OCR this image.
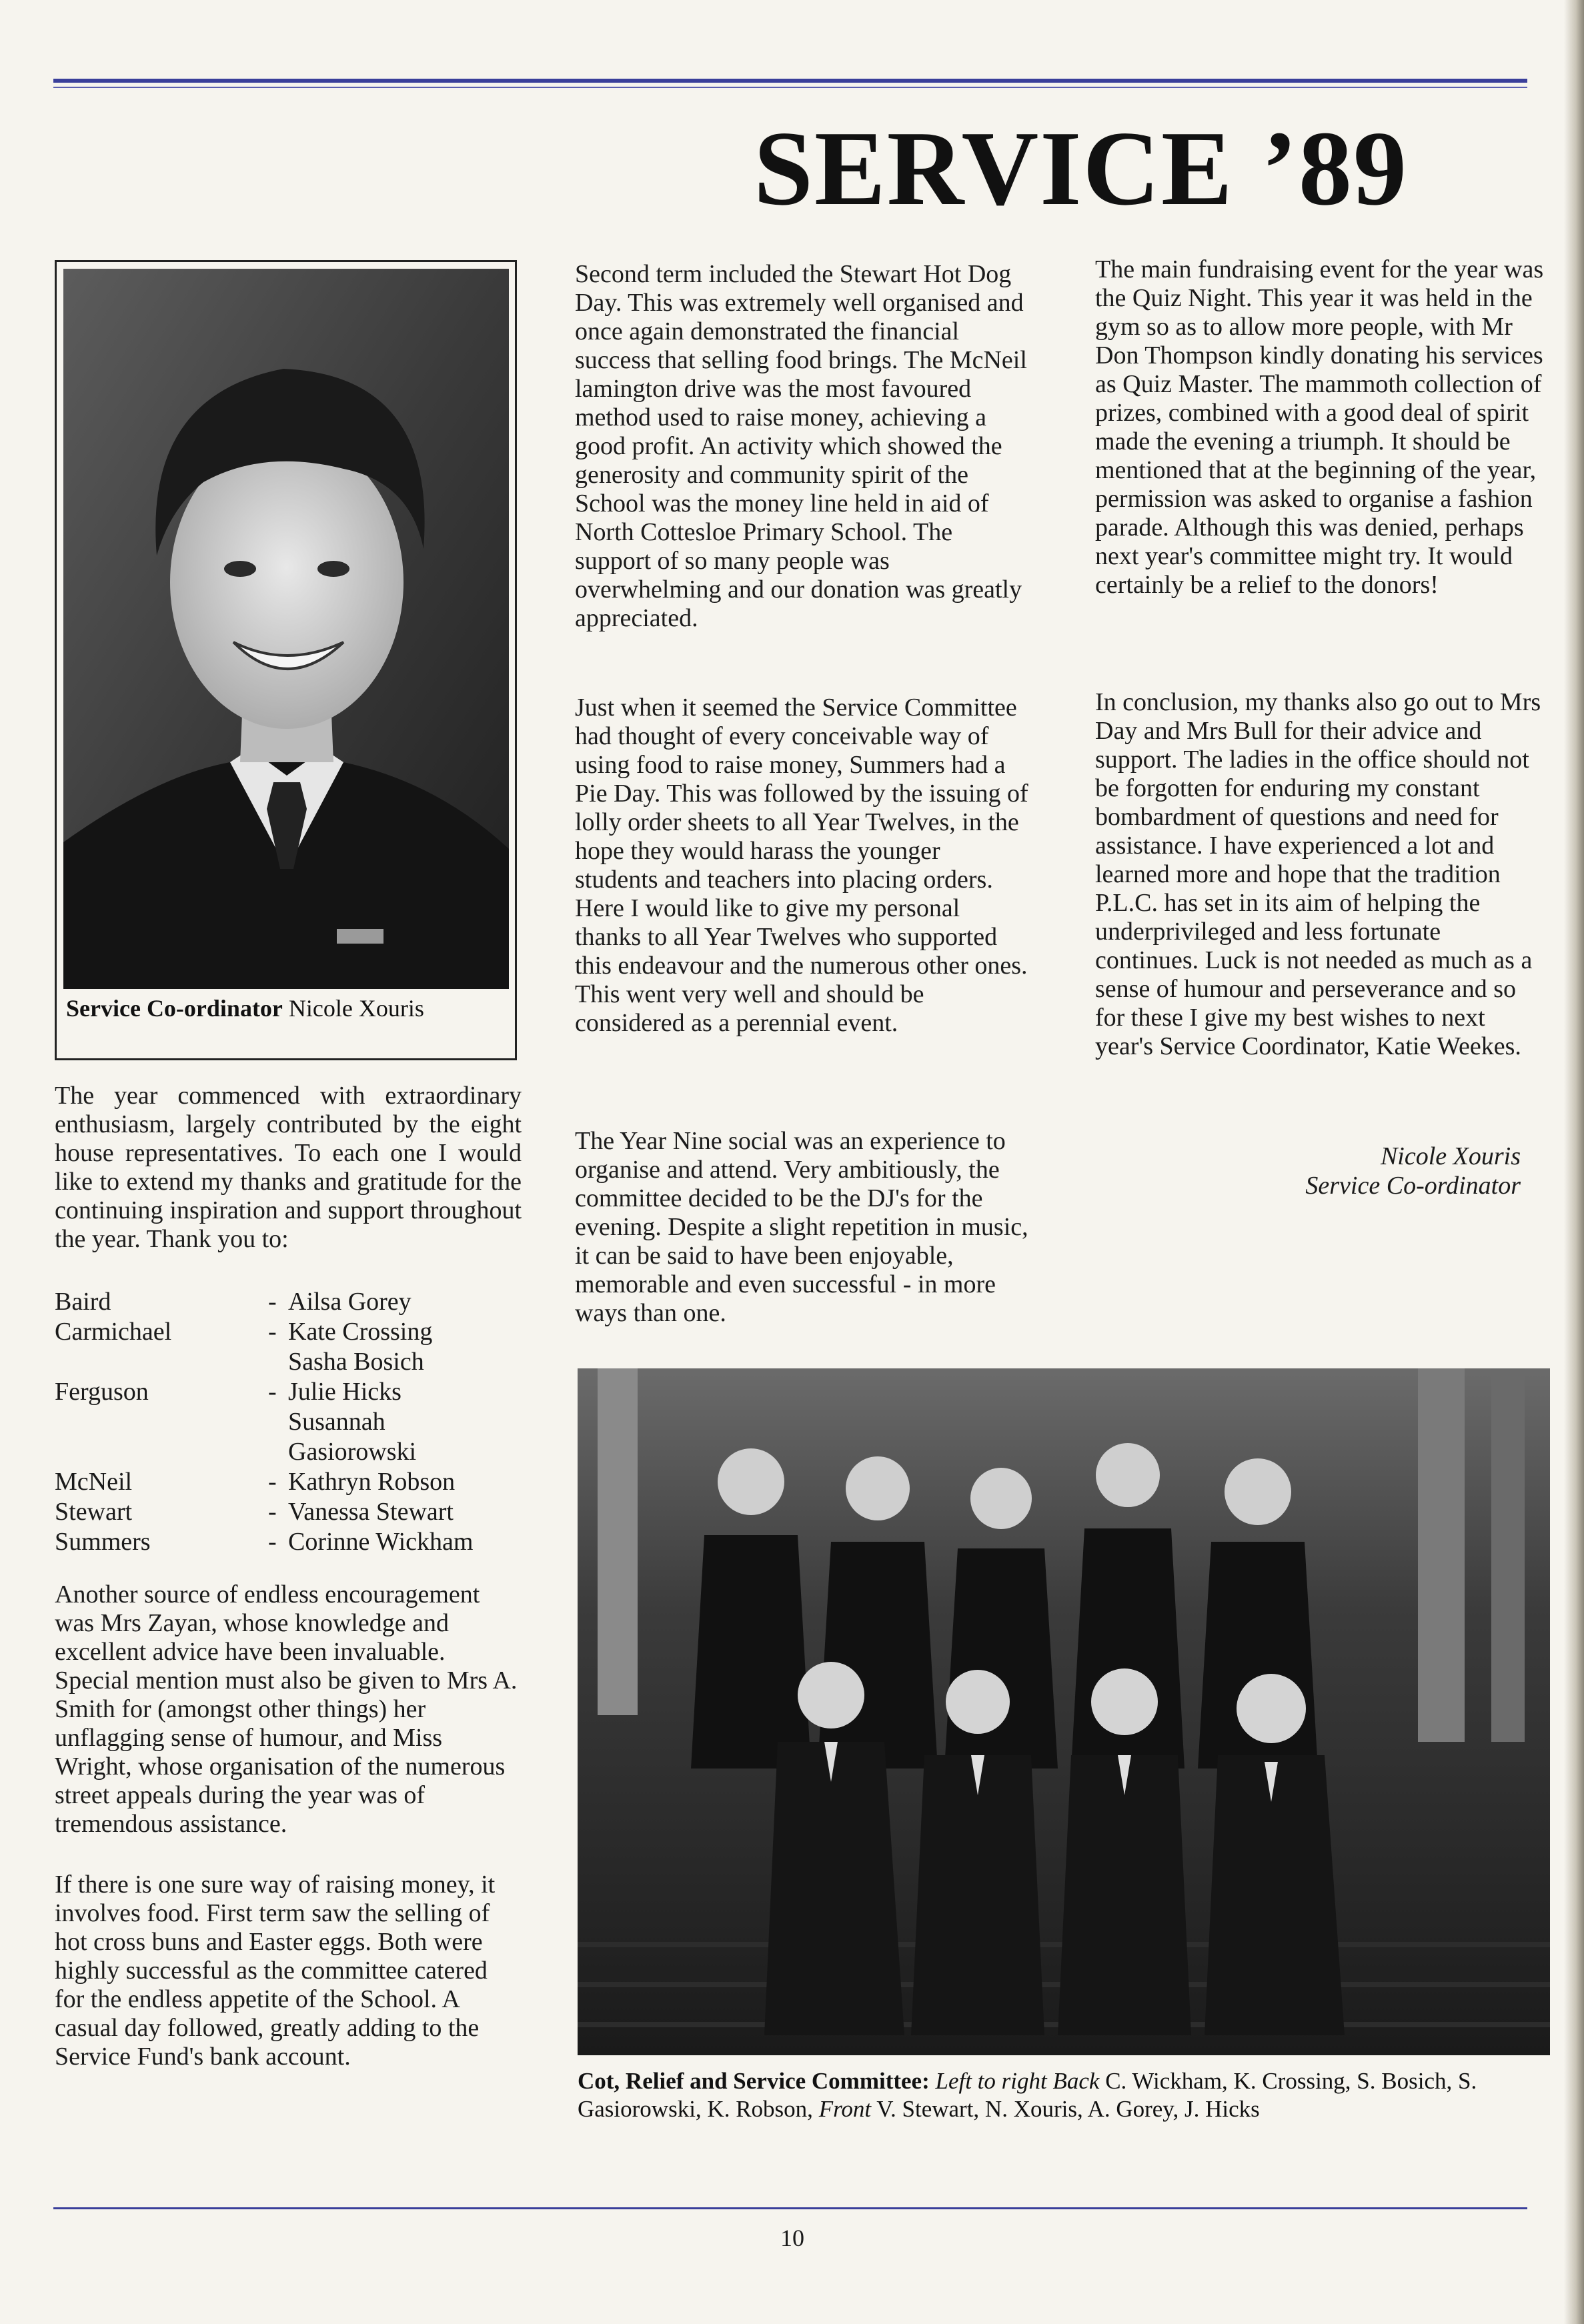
SERVICE ’89
Service Co-ordinator Nicole Xouris

The year commenced with extraordinary enthusiasm, largely contributed by the eight house representatives. To each one I would like to extend my thanks and gratitude for the continuing inspiration and support throughout the year. Thank you to:

Baird	- Ailsa Gorey
Carmichael	- Kate Crossing
Sasha Bosich
Ferguson	- Julie Hicks
Susannah
Gasiorowski
McNeil	- Kathryn Robson
Stewart	- Vanessa Stewart
Summers	- Corinne Wickham

Another source of endless encouragement was Mrs Zayan, whose knowledge and excellent advice have been invaluable. Special mention must also be given to Mrs A. Smith for (amongst other things) her unflagging sense of humour, and Miss Wright, whose organisation of the numerous street appeals during the year was of tremendous assistance.

If there is one sure way of raising money, it involves food. First term saw the selling of hot cross buns and Easter eggs. Both were highly successful as the committee catered for the endless appetite of the School. A casual day followed, greatly adding to the Service Fund's bank account.

Second term included the Stewart Hot Dog Day. This was extremely well organised and once again demonstrated the financial success that selling food brings. The McNeil lamington drive was the most favoured method used to raise money, achieving a good profit. An activity which showed the generosity and community spirit of the School was the money line held in aid of North Cottesloe Primary School. The support of so many people was overwhelming and our donation was greatly appreciated.

Just when it seemed the Service Committee had thought of every conceivable way of using food to raise money, Summers had a Pie Day. This was followed by the issuing of lolly order sheets to all Year Twelves, in the hope they would harass the younger students and teachers into placing orders. Here I would like to give my personal thanks to all Year Twelves who supported this endeavour and the numerous other ones. This went very well and should be considered as a perennial event.

The Year Nine social was an experience to organise and attend. Very ambitiously, the committee decided to be the DJ's for the evening. Despite a slight repetition in music, it can be said to have been enjoyable, memorable and even successful - in more ways than one.

The main fundraising event for the year was the Quiz Night. This year it was held in the gym so as to allow more people, with Mr Don Thompson kindly donating his services as Quiz Master. The mammoth collection of prizes, combined with a good deal of spirit made the evening a triumph. It should be mentioned that at the beginning of the year, permission was asked to organise a fashion parade. Although this was denied, perhaps next year's committee might try. It would certainly be a relief to the donors!

In conclusion, my thanks also go out to Mrs Day and Mrs Bull for their advice and support. The ladies in the office should not be forgotten for enduring my constant bombardment of questions and need for assistance. I have experienced a lot and learned more and hope that the tradition P.L.C. has set in its aim of helping the underprivileged and less fortunate continues. Luck is not needed as much as a sense of humour and perseverance and so for these I give my best wishes to next year's Service Coordinator, Katie Weekes.

Nicole Xouris
Service Co-ordinator
Cot, Relief and Service Committee: Left to right Back C. Wickham, K. Crossing, S. Bosich, S. Gasiorowski, K. Robson, Front V. Stewart, N. Xouris, A. Gorey, J. Hicks
10
